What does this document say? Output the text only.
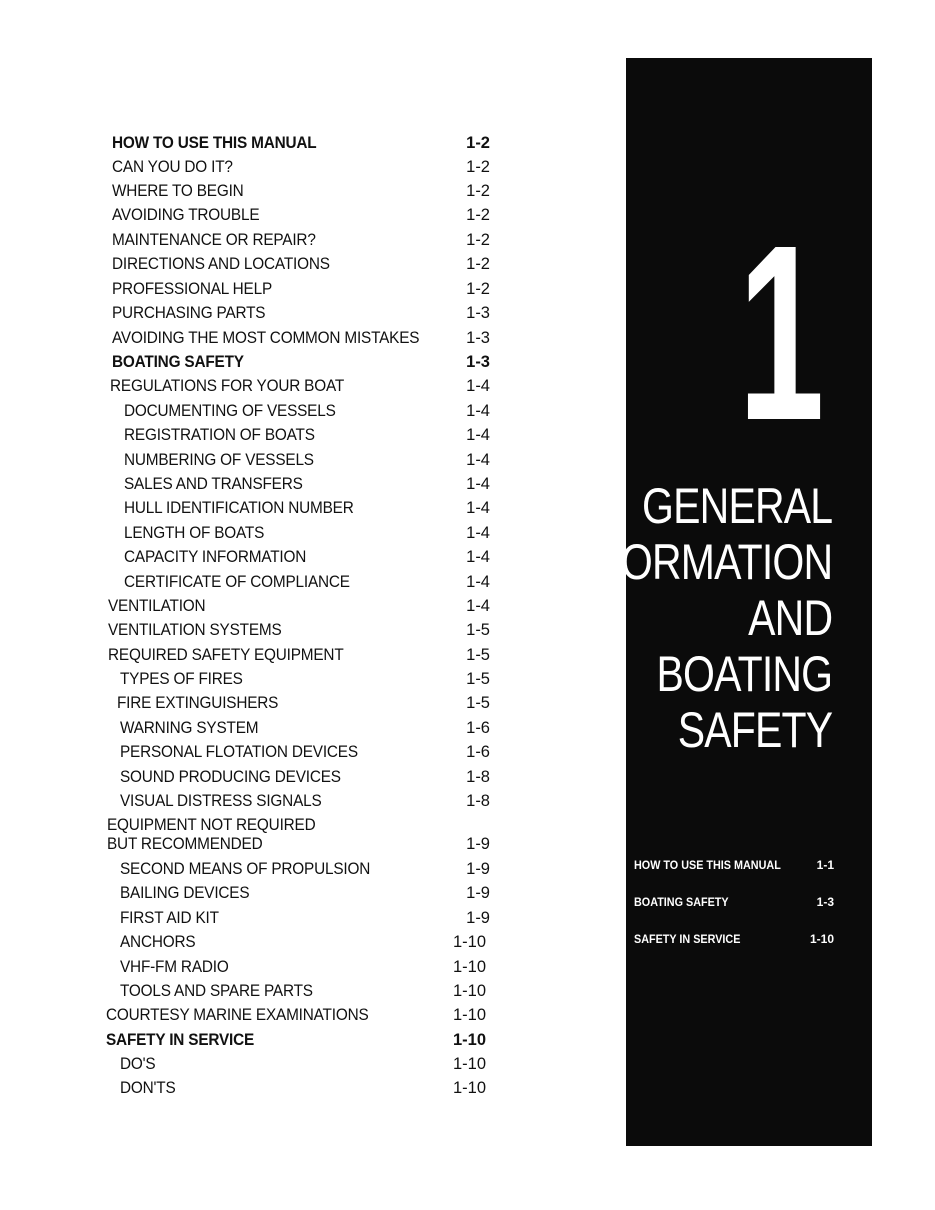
HOW TO USE THIS MANUAL	1-2
CAN YOU DO IT?	1-2
WHERE TO BEGIN	1-2
AVOIDING TROUBLE	1-2
MAINTENANCE OR REPAIR?	1-2
DIRECTIONS AND LOCATIONS	1-2
PROFESSIONAL HELP	1-2
PURCHASING PARTS	1-3
AVOIDING THE MOST COMMON MISTAKES	1-3
BOATING SAFETY	1-3
REGULATIONS FOR YOUR BOAT	1-4
DOCUMENTING OF VESSELS	1-4
REGISTRATION OF BOATS	1-4
NUMBERING OF VESSELS	1-4
SALES AND TRANSFERS	1-4
HULL IDENTIFICATION NUMBER	1-4
LENGTH OF BOATS	1-4
CAPACITY INFORMATION	1-4
CERTIFICATE OF COMPLIANCE	1-4
VENTILATION	1-4
VENTILATION SYSTEMS	1-5
REQUIRED SAFETY EQUIPMENT	1-5
TYPES OF FIRES	1-5
FIRE EXTINGUISHERS	1-5
WARNING SYSTEM	1-6
PERSONAL FLOTATION DEVICES	1-6
SOUND PRODUCING DEVICES	1-8
VISUAL DISTRESS SIGNALS	1-8
EQUIPMENT NOT REQUIRED
BUT RECOMMENDED	1-9
SECOND MEANS OF PROPULSION	1-9
BAILING DEVICES	1-9
FIRST AID KIT	1-9
ANCHORS	1-10
VHF-FM RADIO	1-10
TOOLS AND SPARE PARTS	1-10
COURTESY MARINE EXAMINATIONS	1-10
SAFETY IN SERVICE	1-10
DO'S	1-10
DON'TS	1-10
1
GENERAL
INFORMATION
AND
BOATING
SAFETY
HOW TO USE THIS MANUAL	1-1
BOATING SAFETY	1-3
SAFETY IN SERVICE	1-10
